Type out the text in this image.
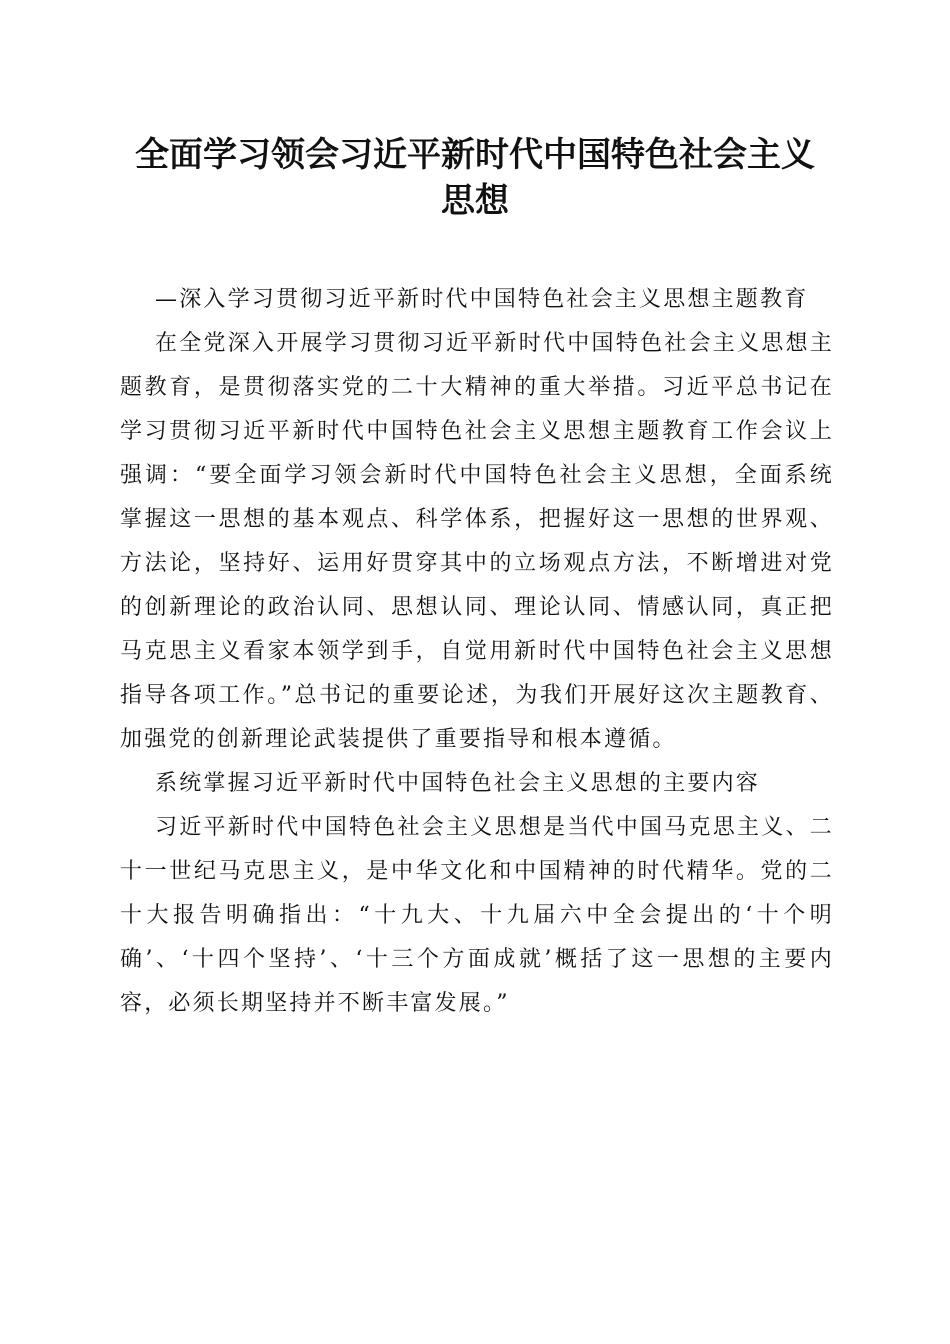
全面学习领会习近平新时代中国特色社会主义
思想

—深入学习贯彻习近平新时代中国特色社会主义思想主题教育

在全党深入开展学习贯彻习近平新时代中国特色社会主义思想主题教育，是贯彻落实党的二十大精神的重大举措。习近平总书记在学习贯彻习近平新时代中国特色社会主义思想主题教育工作会议上强调：“要全面学习领会新时代中国特色社会主义思想，全面系统掌握这一思想的基本观点、科学体系，把握好这一思想的世界观、方法论，坚持好、运用好贯穿其中的立场观点方法，不断增进对党的创新理论的政治认同、思想认同、理论认同、情感认同，真正把马克思主义看家本领学到手，自觉用新时代中国特色社会主义思想指导各项工作。”总书记的重要论述，为我们开展好这次主题教育、加强党的创新理论武装提供了重要指导和根本遵循。

系统掌握习近平新时代中国特色社会主义思想的主要内容

习近平新时代中国特色社会主义思想是当代中国马克思主义、二十一世纪马克思主义，是中华文化和中国精神的时代精华。党的二十大报告明确指出：“十九大、十九届六中全会提出的‘十个明确’、‘十四个坚持’、‘十三个方面成就’概括了这一思想的主要内容，必须长期坚持并不断丰富发展。”
